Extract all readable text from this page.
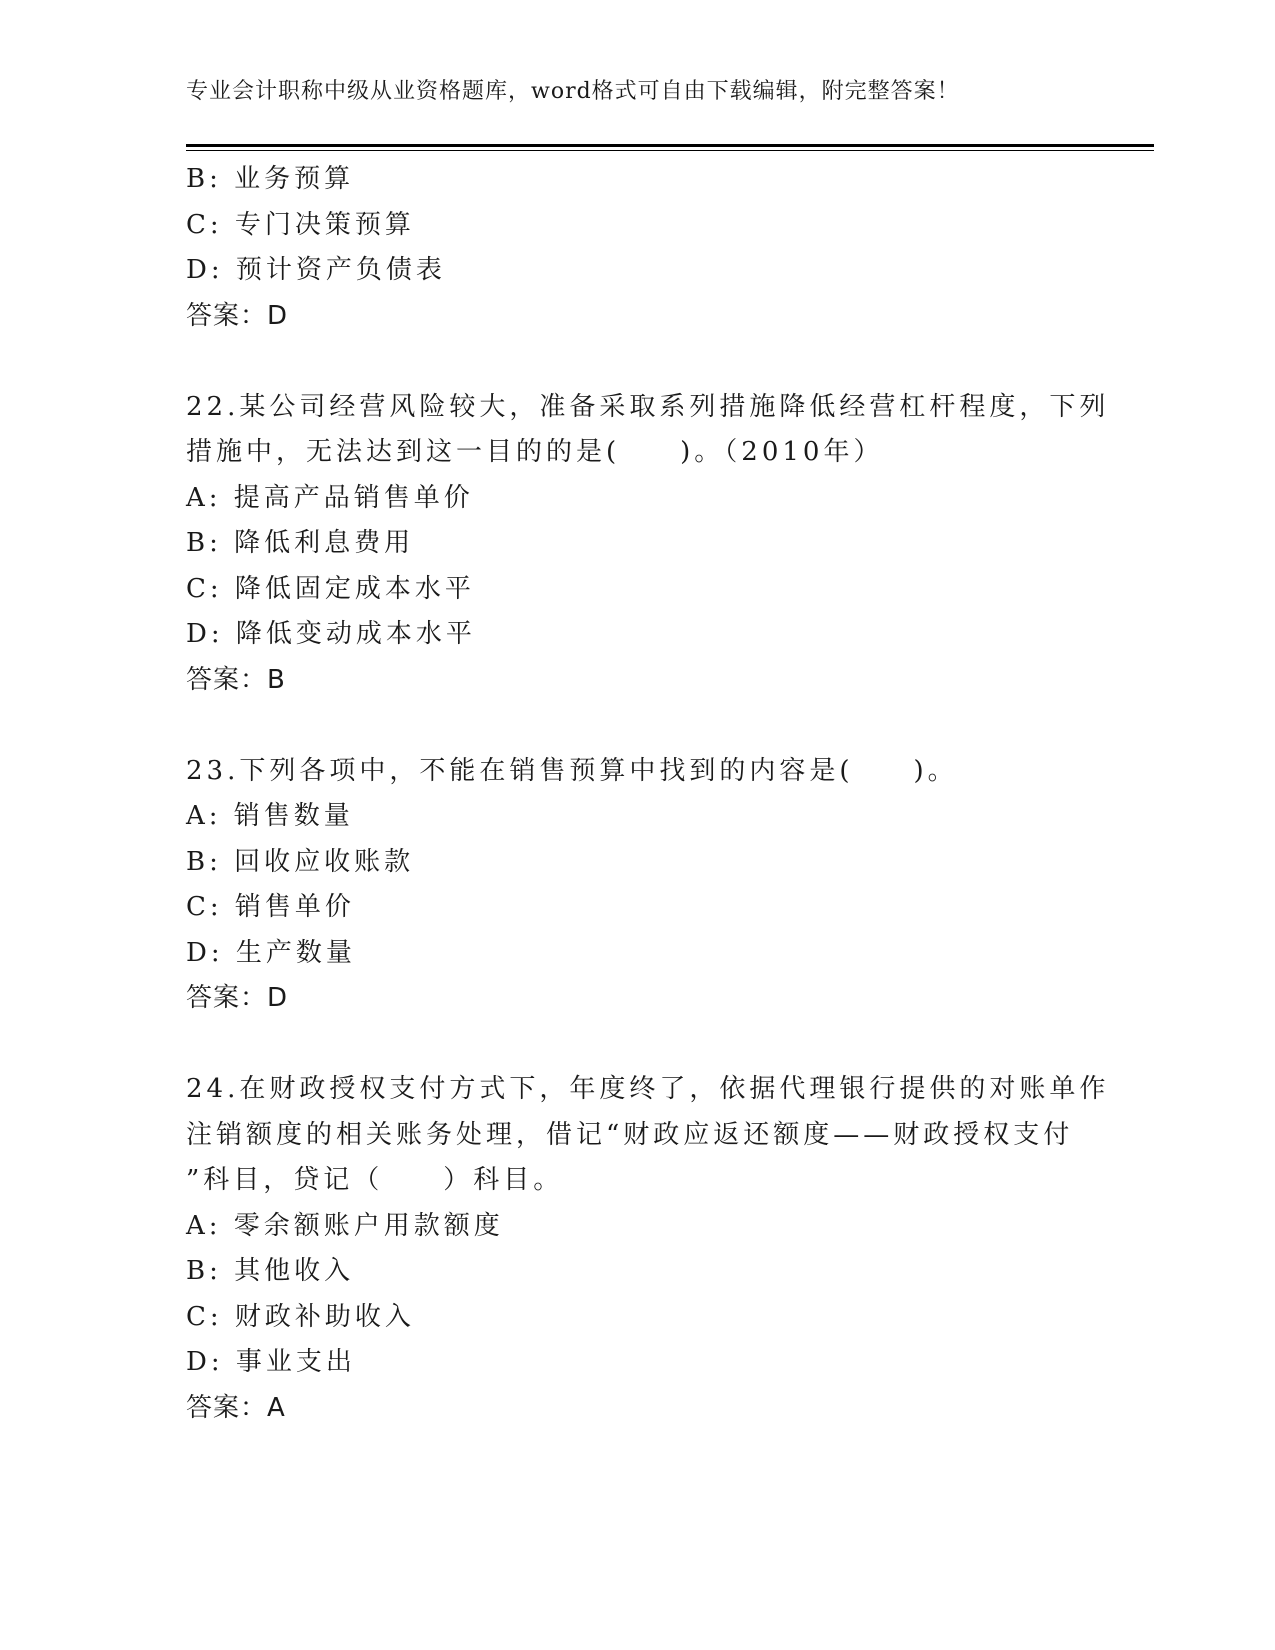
专业会计职称中级从业资格题库，word格式可自由下载编辑，附完整答案！
B: 业务预算
C: 专门决策预算
D: 预计资产负债表
答案：D
22.某公司经营风险较大，准备采取系列措施降低经营杠杆程度，下列
措施中，无法达到这一目的的是(　　)。（2010年）
A: 提高产品销售单价
B: 降低利息费用
C: 降低固定成本水平
D: 降低变动成本水平
答案：B
23.下列各项中，不能在销售预算中找到的内容是(　　)。
A: 销售数量
B: 回收应收账款
C: 销售单价
D: 生产数量
答案：D
24.在财政授权支付方式下，年度终了，依据代理银行提供的对账单作
注销额度的相关账务处理，借记“财政应返还额度——财政授权支付
”科目，贷记（　　）科目。
A: 零余额账户用款额度
B: 其他收入
C: 财政补助收入
D: 事业支出
答案：A
